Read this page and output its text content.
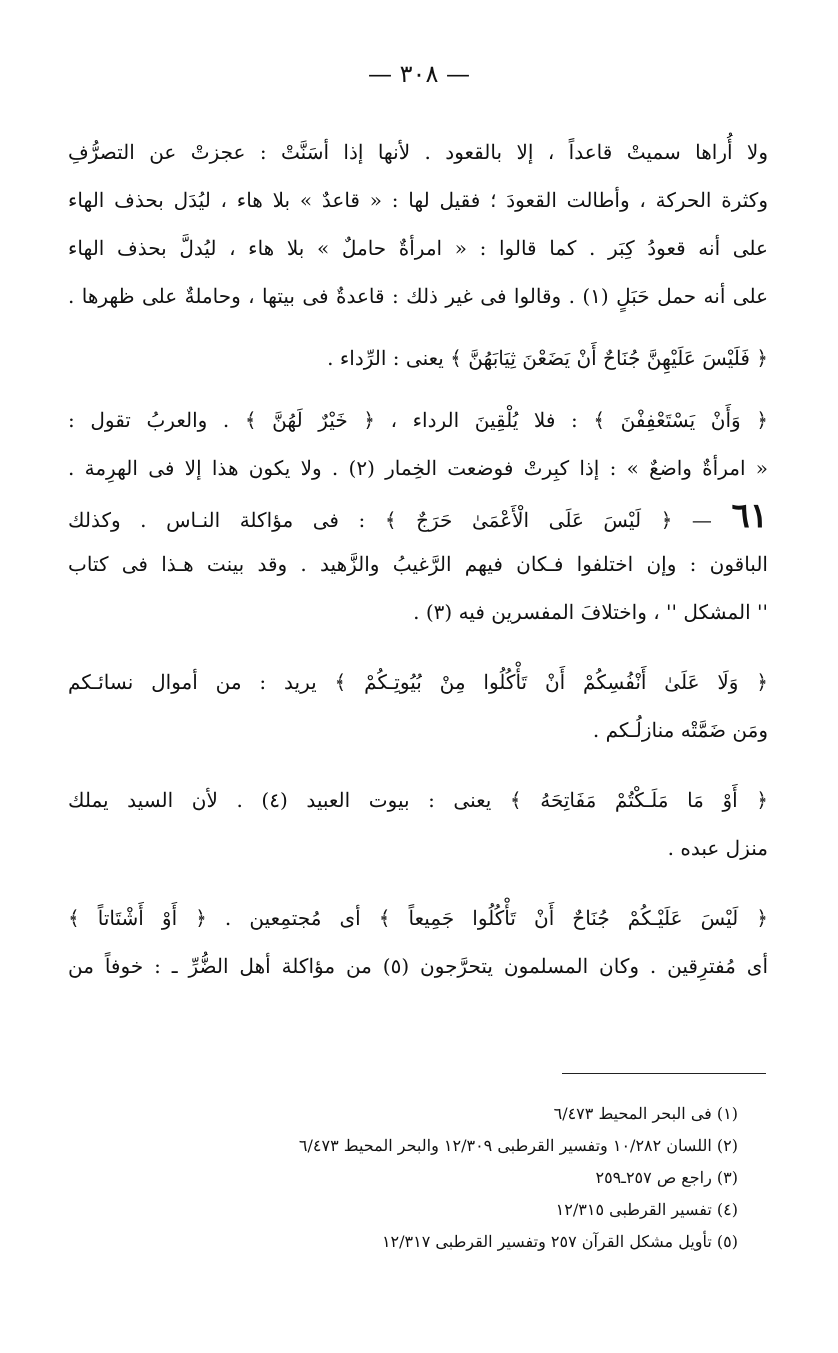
— ٣٠٨ —
ولا أُراها سميتْ قاعداً ، إلا بالقعود . لأنها إذا أسَنَّتْ : عجزتْ عن التصرُّفِ
وكثرة الحركة ، وأطالت القعودَ ؛ فقيل لها : « قاعدٌ » بلا هاء ، ليُدَل بحذف الهاء
على أنه قعودُ كِبَر . كما قالوا : « امرأةٌ حاملٌ » بلا هاء ، ليُدلَّ بحذف الهاء
على أنه حمل حَبَلٍ (١) . وقالوا فى غير ذلك : قاعدةٌ فى بيتها ، وحاملةٌ على ظهرها .
﴿ فَلَيْسَ عَلَيْهِنَّ جُنَاحٌ أَنْ يَضَعْنَ ثِيَابَهُنَّ ﴾ يعنى : الرِّداء .
﴿ وَأَنْ يَسْتَعْفِفْنَ ﴾ : فلا يُلْقِينَ الرداء ، ﴿ خَيْرٌ لَهُنَّ ﴾ . والعربُ تقول :
« امرأةٌ واضعٌ » : إذا كبِرتْ فوضعت الخِمار (٢) . ولا يكون هذا إلا فى الهرِمة .
٦١ — ﴿ لَيْسَ عَلَى الْأَعْمَىٰ حَرَجٌ ﴾ : فى مؤاكلة النـاس . وكذلك
الباقون : وإن اختلفوا فـكان فيهم الرَّغيبُ والزَّهيد . وقد بينت هـذا فى كتاب
'' المشكل '' ، واختلافَ المفسرين فيه (٣) .
﴿ وَلَا عَلَىٰ أَنْفُسِكُمْ أَنْ تَأْكُلُوا مِنْ بُيُوتِـكُمْ ﴾ يريد : من أموال نسائـكم
ومَن ضَمَّتْه منازلُـكم .
﴿ أَوْ مَا مَلَـكْتُمْ مَفَاتِحَهُ ﴾ يعنى : بيوت العبيد (٤) . لأن السيد يملك
منزل عبده .
﴿ لَيْسَ عَلَيْـكُمْ جُنَاحٌ أَنْ تَأْكُلُوا جَمِيعاً ﴾ أى مُجتمِعين . ﴿ أَوْ أَشْتَاتاً ﴾
أى مُفترِقين . وكان المسلمون يتحرَّجون (٥) من مؤاكلة أهل الضُّرِّ ـ : خوفاً من
(١) فى البحر المحيط ٦/٤٧٣
(٢) اللسان ١٠/٢٨٢ وتفسير القرطبى ١٢/٣٠٩ والبحر المحيط ٦/٤٧٣
(٣) راجع ص ٢٥٧ـ٢٥٩
(٤) تفسير القرطبى ١٢/٣١٥
(٥) تأويل مشكل القرآن ٢٥٧ وتفسير القرطبى ١٢/٣١٧
